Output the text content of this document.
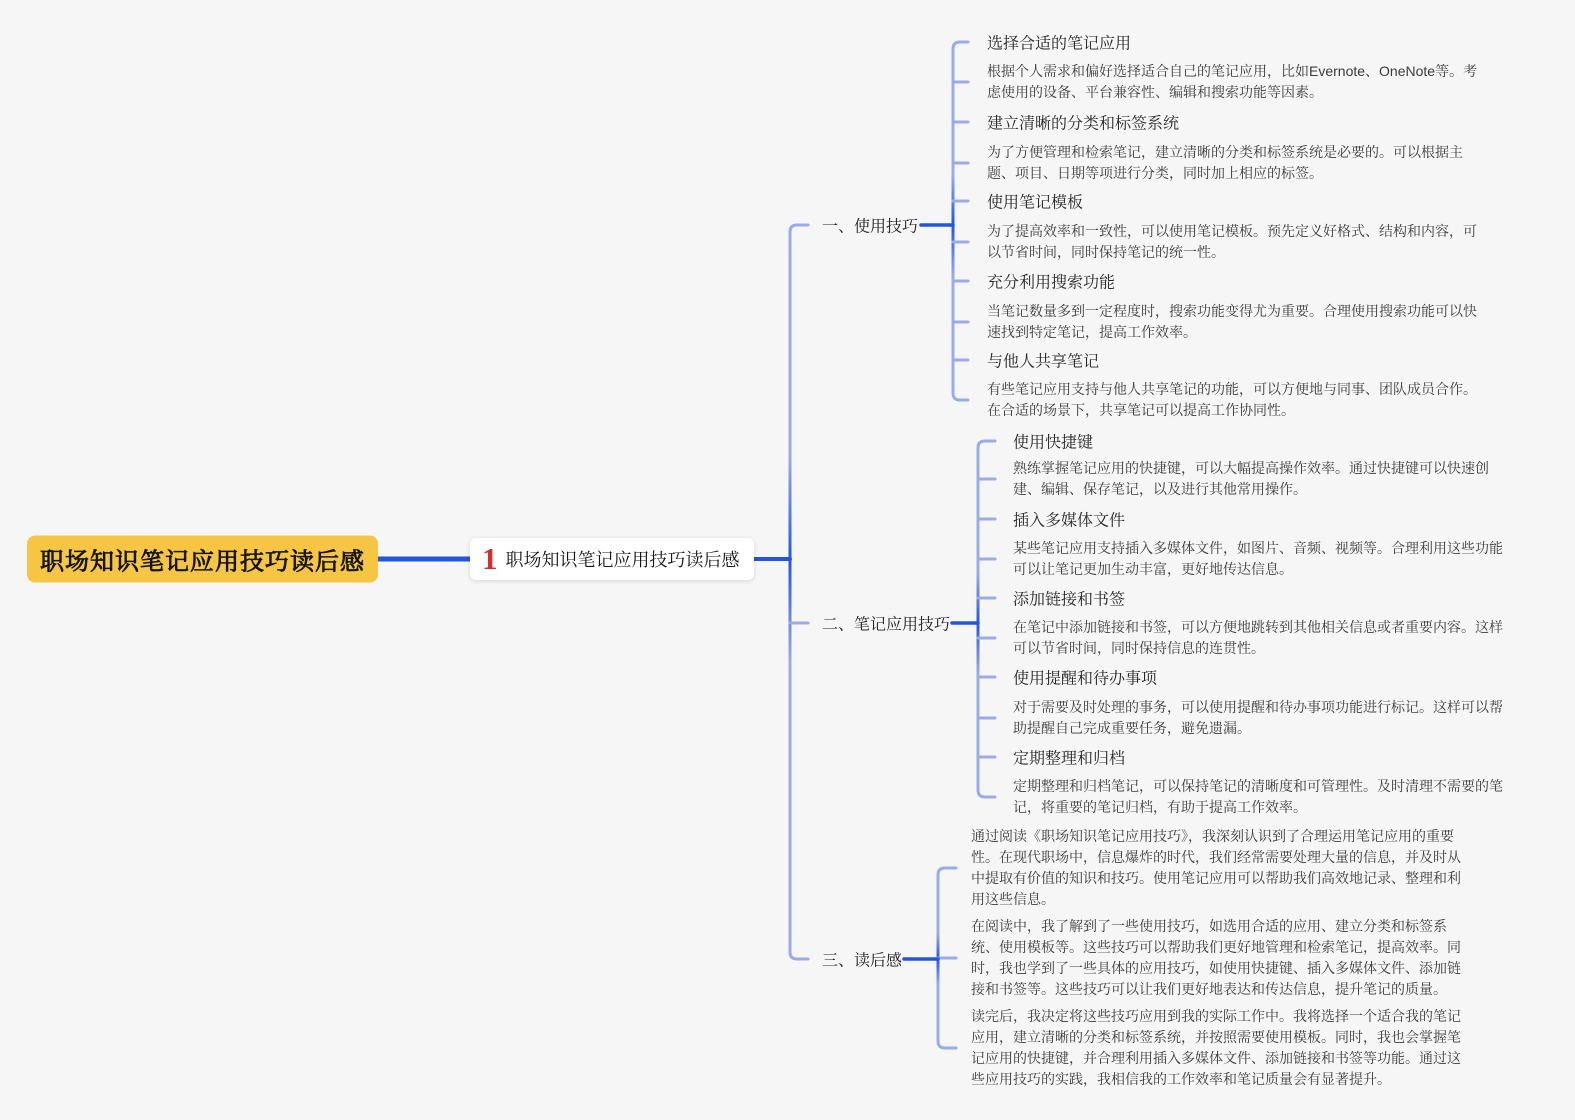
职场知识笔记应用技巧读后感	1 职场知识笔记应用技巧读后感
一、使用技巧
二、笔记应用技巧
三、读后感
选择合适的笔记应用
根据个人需求和偏好选择适合自己的笔记应用，比如Evernote、OneNote等。考虑使用的设备、平台兼容性、编辑和搜索功能等因素。
建立清晰的分类和标签系统
为了方便管理和检索笔记，建立清晰的分类和标签系统是必要的。可以根据主题、项目、日期等项进行分类，同时加上相应的标签。
使用笔记模板
为了提高效率和一致性，可以使用笔记模板。预先定义好格式、结构和内容，可以节省时间，同时保持笔记的统一性。
充分利用搜索功能
当笔记数量多到一定程度时，搜索功能变得尤为重要。合理使用搜索功能可以快速找到特定笔记，提高工作效率。
与他人共享笔记
有些笔记应用支持与他人共享笔记的功能，可以方便地与同事、团队成员合作。在合适的场景下，共享笔记可以提高工作协同性。
使用快捷键
熟练掌握笔记应用的快捷键，可以大幅提高操作效率。通过快捷键可以快速创建、编辑、保存笔记，以及进行其他常用操作。
插入多媒体文件
某些笔记应用支持插入多媒体文件，如图片、音频、视频等。合理利用这些功能可以让笔记更加生动丰富，更好地传达信息。
添加链接和书签
在笔记中添加链接和书签，可以方便地跳转到其他相关信息或者重要内容。这样可以节省时间，同时保持信息的连贯性。
使用提醒和待办事项
对于需要及时处理的事务，可以使用提醒和待办事项功能进行标记。这样可以帮助提醒自己完成重要任务，避免遗漏。
定期整理和归档
定期整理和归档笔记，可以保持笔记的清晰度和可管理性。及时清理不需要的笔记，将重要的笔记归档，有助于提高工作效率。
通过阅读《职场知识笔记应用技巧》，我深刻认识到了合理运用笔记应用的重要性。在现代职场中，信息爆炸的时代，我们经常需要处理大量的信息，并及时从中提取有价值的知识和技巧。使用笔记应用可以帮助我们高效地记录、整理和利用这些信息。
在阅读中，我了解到了一些使用技巧，如选用合适的应用、建立分类和标签系统、使用模板等。这些技巧可以帮助我们更好地管理和检索笔记，提高效率。同时，我也学到了一些具体的应用技巧，如使用快捷键、插入多媒体文件、添加链接和书签等。这些技巧可以让我们更好地表达和传达信息，提升笔记的质量。
读完后，我决定将这些技巧应用到我的实际工作中。我将选择一个适合我的笔记应用，建立清晰的分类和标签系统，并按照需要使用模板。同时，我也会掌握笔记应用的快捷键，并合理利用插入多媒体文件、添加链接和书签等功能。通过这些应用技巧的实践，我相信我的工作效率和笔记质量会有显著提升。
